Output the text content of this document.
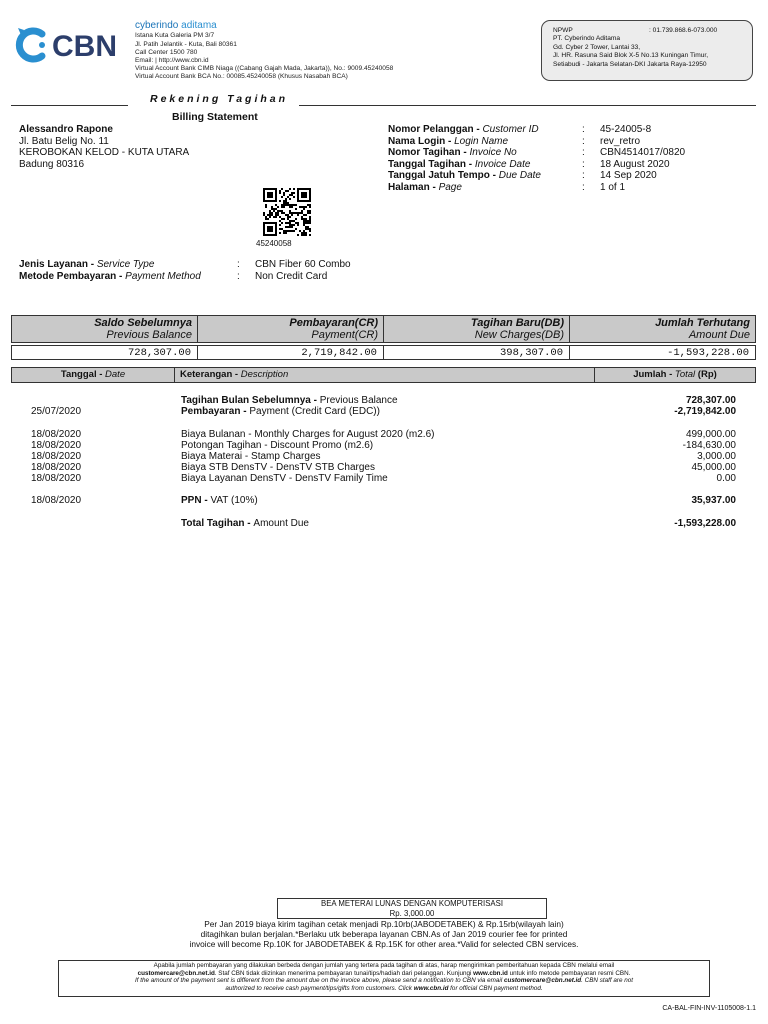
CBN
cyberindo aditama
Istana Kuta Galeria PM 3/7
Jl. Patih Jelantik - Kuta, Bali 80361
Call Center 1500 780
Email: | http://www.cbn.id
Virtual Account Bank CIMB Niaga ((Cabang Gajah Mada, Jakarta)), No.: 9009.45240058
Virtual Account Bank BCA No.: 00085.45240058 (Khusus Nasabah BCA)
NPWP	: 01.739.868.6-073.000
PT. Cyberindo Aditama
Gd. Cyber 2 Tower, Lantai 33,
Jl. HR. Rasuna Said Blok X-5 No.13 Kuningan Timur,
Setiabudi - Jakarta Selatan-DKI Jakarta Raya-12950
Rekening Tagihan
Billing Statement
Alessandro Rapone
Jl. Batu Belig No. 11
KEROBOKAN KELOD - KUTA UTARA
Badung 80316
Nomor Pelanggan - Customer ID	: 45-24005-8
Nama Login - Login Name	: rev_retro
Nomor Tagihan - Invoice No	: CBN4514017/0820
Tanggal Tagihan - Invoice Date	: 18 August 2020
Tanggal Jatuh Tempo - Due Date	: 14 Sep 2020
Halaman - Page	: 1 of 1
45240058
Jenis Layanan - Service Type	: CBN Fiber 60 Combo
Metode Pembayaran - Payment Method	: Non Credit Card
Saldo Sebelumnya
Previous Balance
Pembayaran(CR)
Payment(CR)
Tagihan Baru(DB)
New Charges(DB)
Jumlah Terhutang
Amount Due
728,307.00	2,719,842.00	398,307.00	-1,593,228.00
Tanggal - Date	Keterangan - Description	Jumlah - Total (Rp)
Tagihan Bulan Sebelumnya - Previous Balance	728,307.00
25/07/2020	Pembayaran - Payment (Credit Card (EDC))	-2,719,842.00
18/08/2020	Biaya Bulanan - Monthly Charges for August 2020 (m2.6)	499,000.00
18/08/2020	Potongan Tagihan - Discount Promo (m2.6)	-184,630.00
18/08/2020	Biaya Materai - Stamp Charges	3,000.00
18/08/2020	Biaya STB DensTV - DensTV STB Charges	45,000.00
18/08/2020	Biaya Layanan DensTV - DensTV Family Time	0.00
18/08/2020	PPN - VAT (10%)	35,937.00
Total Tagihan - Amount Due	-1,593,228.00
BEA METERAI LUNAS DENGAN KOMPUTERISASI
Rp. 3,000.00
Per Jan 2019 biaya kirim tagihan cetak menjadi Rp.10rb(JABODETABEK) & Rp.15rb(wilayah lain)
ditagihkan bulan berjalan.*Berlaku utk beberapa layanan CBN.As of Jan 2019 courier fee for printed
invoice will become Rp.10K for JABODETABEK & Rp.15K for other area.*Valid for selected CBN services.
Apabila jumlah pembayaran yang dilakukan berbeda dengan jumlah yang tertera pada tagihan di atas, harap mengirimkan pemberitahuan kepada CBN melalui email
customercare@cbn.net.id. Staf CBN tidak diizinkan menerima pembayaran tunai/tips/hadiah dari pelanggan. Kunjungi www.cbn.id untuk info metode pembayaran resmi CBN.
If the amount of the payment sent is different from the amount due on the invoice above, please send a notification to CBN via email customercare@cbn.net.id. CBN staff are not
authorized to receive cash payment/tips/gifts from customers. Click www.cbn.id for official CBN payment method.
CA-BAL-FIN-INV-1105008-1.1
